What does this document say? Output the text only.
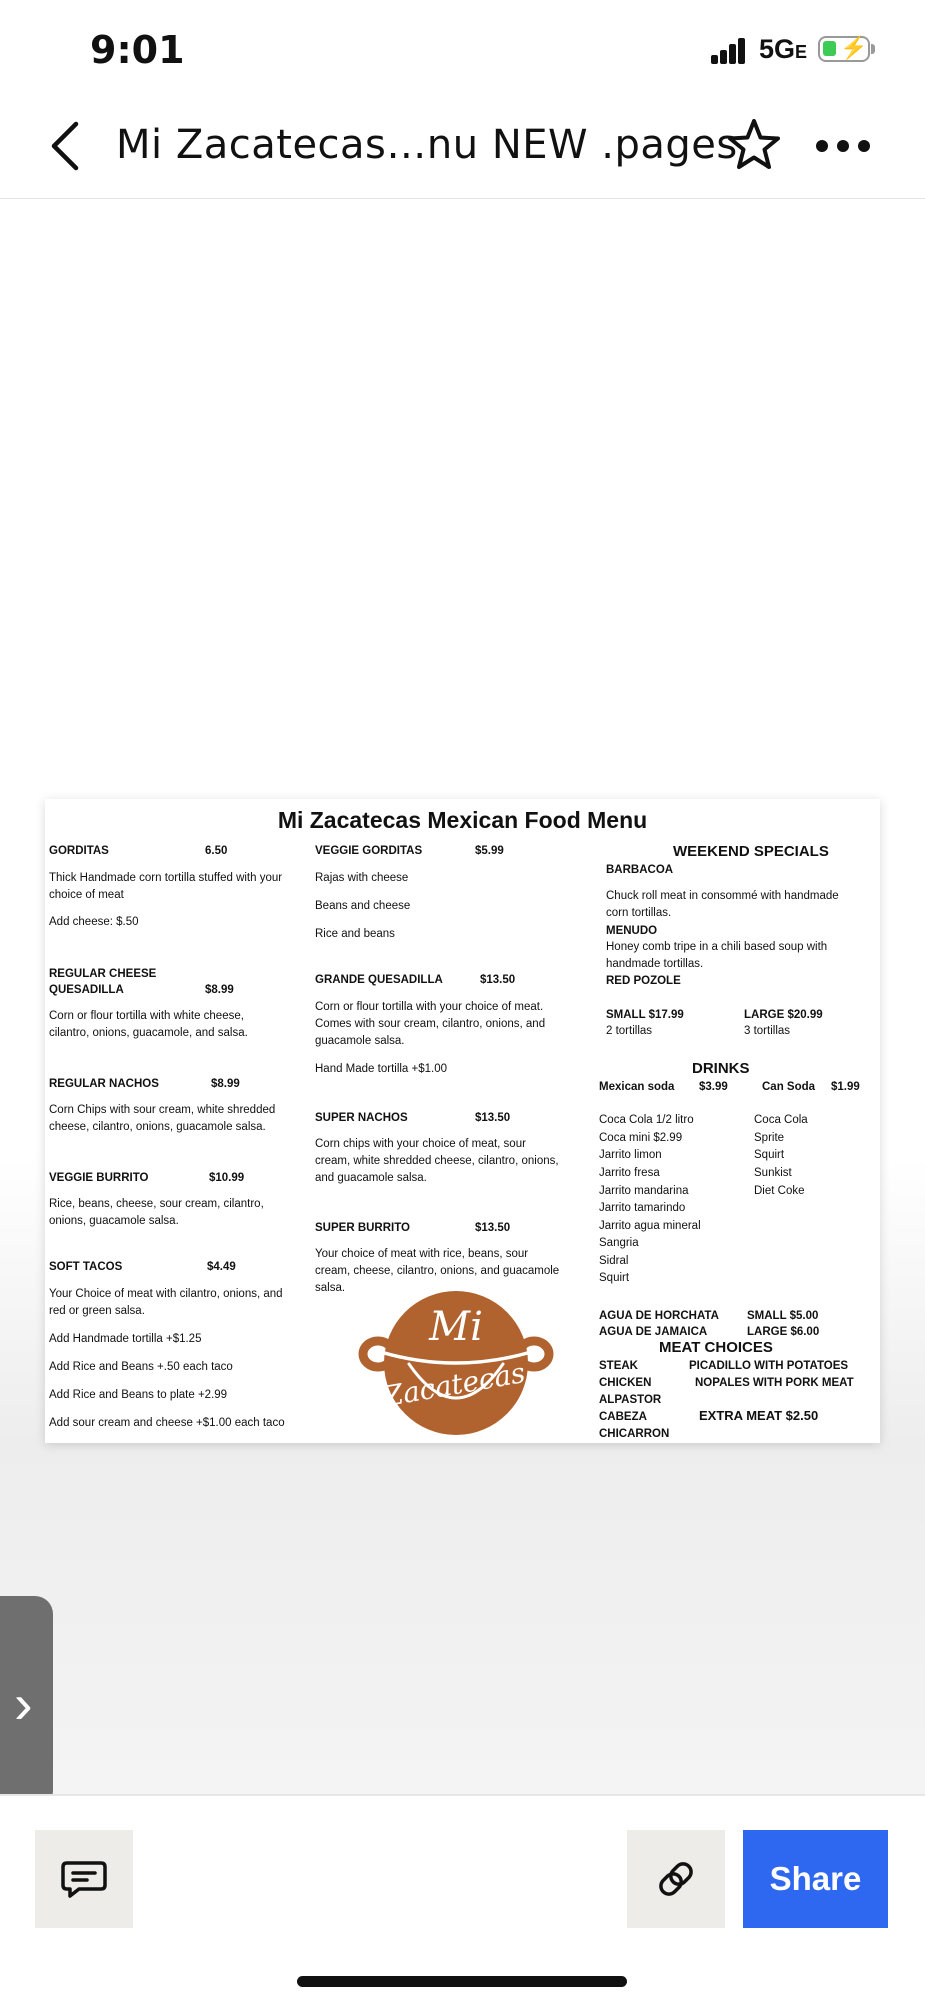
9:01	5GE ⚡
Mi Zacatecas…nu NEW .pages
Mi Zacatecas Mexican Food Menu
GORDITAS	6.50
Thick Handmade corn tortilla stuffed with your
choice of meat
Add cheese: $.50
REGULAR CHEESE
QUESADILLA	$8.99
Corn or flour tortilla with white cheese,
cilantro, onions, guacamole, and salsa.
REGULAR NACHOS	$8.99
Corn Chips with sour cream, white shredded
cheese, cilantro, onions, guacamole salsa.
VEGGIE BURRITO	$10.99
Rice, beans, cheese, sour cream, cilantro,
onions, guacamole salsa.
SOFT TACOS	$4.49
Your Choice of meat with cilantro, onions, and
red or green salsa.
Add Handmade tortilla +$1.25
Add Rice and Beans +.50 each taco
Add Rice and Beans to plate +2.99
Add sour cream and cheese +$1.00 each taco
VEGGIE GORDITAS	$5.99
Rajas with cheese
Beans and cheese
Rice and beans
GRANDE QUESADILLA	$13.50
Corn or flour tortilla with your choice of meat.
Comes with sour cream, cilantro, onions, and
guacamole salsa.
Hand Made tortilla +$1.00
SUPER NACHOS	$13.50
Corn chips with your choice of meat, sour
cream, white shredded cheese, cilantro, onions,
and guacamole salsa.
SUPER BURRITO	$13.50
Your choice of meat with rice, beans, sour
cream, cheese, cilantro, onions, and guacamole
salsa.
Mi
Zacatecas
WEEKEND SPECIALS
BARBACOA
Chuck roll meat in consommé with handmade
corn tortillas.
MENUDO
Honey comb tripe in a chili based soup with
handmade tortillas.
RED POZOLE
SMALL $17.99	LARGE $20.99
2 tortillas	3 tortillas
DRINKS
Mexican soda $3.99	Can Soda $1.99
Coca Cola 1/2 litro
Coca mini $2.99
Jarrito limon
Jarrito fresa
Jarrito mandarina
Jarrito tamarindo
Jarrito agua mineral
Sangria
Sidral
Squirt
Coca Cola
Sprite
Squirt
Sunkist
Diet Coke
AGUA DE HORCHATA SMALL $5.00
AGUA DE JAMAICA	LARGE $6.00
MEAT CHOICES
STEAK	PICADILLO WITH POTATOES
CHICKEN	NOPALES WITH PORK MEAT
ALPASTOR
CABEZA	EXTRA MEAT $2.50
CHICARRON
›
Share
